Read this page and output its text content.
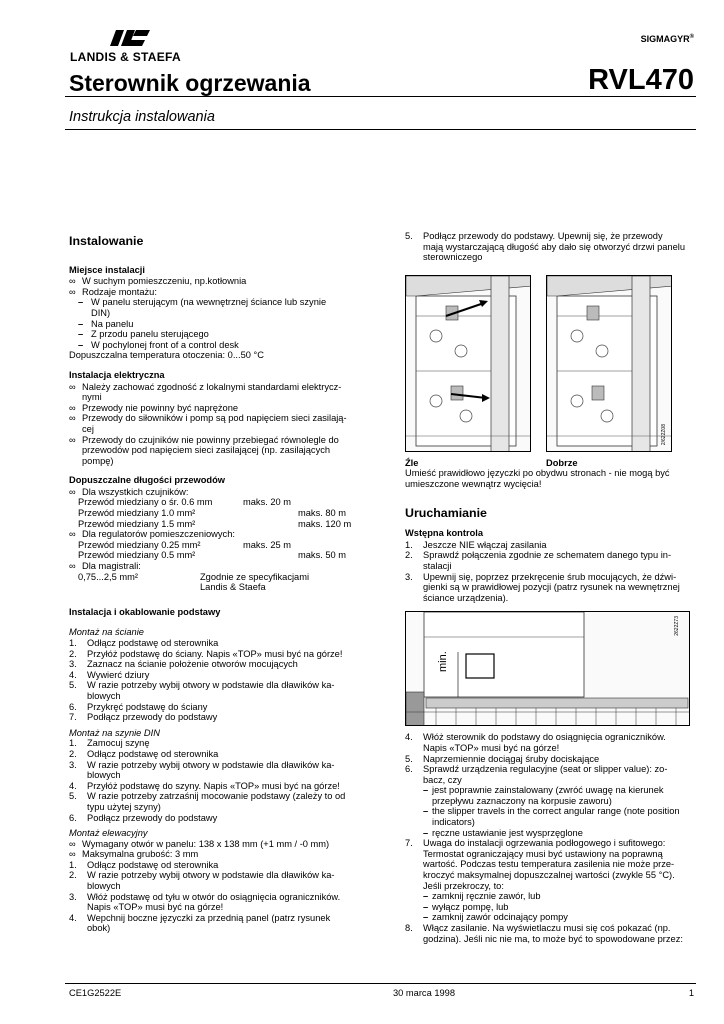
LANDIS & STAEFA
SIGMAGYR®
Sterownik ogrzewania	RVL470
Instrukcja instalowania
Instalowanie
Miejsce instalacji
∞ W suchym pomieszczeniu, np.kotłownia
∞ Rodzaje montażu:
– W panelu sterującym (na wewnętrznej ściance lub szynie
DIN)
– Na panelu
– Z przodu panelu sterującego
– W pochylonej front of a control desk
Dopuszczalna temperatura otoczenia: 0...50 °C
Instalacja elektryczna
∞ Należy zachować zgodność z lokalnymi standardami elektrycz-
nymi
∞ Przewody nie powinny być naprężone
∞ Przewody do siłowników i pomp są pod napięciem sieci zasilają-
cej
∞ Przewody do czujników nie powinny przebiegać równolegle do
przewodów pod napięciem sieci zasilającej (np. zasilających
pompę)
Dopuszczalne długości przewodów
∞ Dla wszystkich czujników:
Przewód miedziany o śr. 0.6 mm	maks. 20 m
Przewód miedziany 1.0 mm²	maks. 80 m
Przewód miedziany 1.5 mm²	maks. 120 m
∞ Dla regulatorów pomieszczeniowych:
Przewód miedziany 0.25 mm²	maks. 25 m
Przewód miedziany 0.5 mm²	maks. 50 m
∞ Dla magistrali:
0,75...2,5 mm²	Zgodnie ze specyfikacjami
Landis & Staefa
Instalacja i okablowanie podstawy
Montaż na ścianie
1. Odłącz podstawę od sterownika
2. Przyłóż podstawę do ściany. Napis «TOP» musi być na górze!
3. Zaznacz na ścianie położenie otworów mocujących
4. Wywierć dziury
5. W razie potrzeby wybij otwory w podstawie dla dławików ka-
blowych
6. Przykręć podstawę do ściany
7. Podłącz przewody do podstawy
Montaż na szynie DIN
1. Zamocuj szynę
2. Odłącz podstawę od sterownika
3. W razie potrzeby wybij otwory w podstawie dla dławików ka-
blowych
4. Przyłóż podstawę do szyny. Napis «TOP» musi być na górze!
5. W razie potrzeby zatrzaśnij mocowanie podstawy (zależy to od
typu użytej szyny)
6. Podłącz przewody do podstawy
Montaż elewacyjny
∞ Wymagany otwór w panelu: 138 x 138 mm (+1 mm / -0 mm)
∞ Maksymalna grubość: 3 mm
1. Odłącz podstawę od sterownika
2. W razie potrzeby wybij otwory w podstawie dla dławików ka-
blowych
3. Włóż podstawę od tyłu w otwór do osiągnięcia ograniczników.
Napis «TOP» musi być na górze!
4. Wepchnij boczne języczki za przednią panel (patrz rysunek
obok)
5. Podłącz przewody do podstawy. Upewnij się, że przewody
mają wystarczającą długość aby dało się otworzyć drzwi panelu
sterowniczego
2/622Z08
Źle	Dobrze
Umieść prawidłowo języczki po obydwu stronach - nie mogą być
umieszczone wewnątrz wycięcia!
Uruchamianie
Wstępna kontrola
1. Jeszcze NIE włączaj zasilania
2. Sprawdź połączenia zgodnie ze schematem danego typu in-
stalacji
3. Upewnij się, poprzez przekręcenie śrub mocujących, że dźwi-
gienki są w prawidłowej pozycji (patrz rysunek na wewnętrznej
ściance urządzenia).
min.
2622Z73
4. Włóż sterownik do podstawy do osiągnięcia ograniczników.
Napis «TOP» musi być na górze!
5. Naprzemiennie dociągaj śruby dociskające
6. Sprawdź urządzenia regulacyjne (seat or slipper value): zo-
bacz, czy
– jest poprawnie zainstalowany (zwróć uwagę na kierunek
przepływu zaznaczony na korpusie zaworu)
– the slipper travels in the correct angular range (note position
indicators)
– ręczne ustawianie jest wysprzęglone
7. Uwaga do instalacji ogrzewania podłogowego i sufitowego:
Termostat ograniczający musi być ustawiony na poprawną
wartość. Podczas testu temperatura zasilenia nie może prze-
kroczyć maksymalnej dopuszczalnej wartości (zwykle 55 °C).
Jeśli przekroczy, to:
– zamknij ręcznie zawór, lub
– wyłącz pompę, lub
– zamknij zawór odcinający pompy
8. Włącz zasilanie. Na wyświetlaczu musi się coś pokazać (np.
godzina). Jeśli nic nie ma, to może być to spowodowane przez:
CE1G2522E	30 marca 1998	1
